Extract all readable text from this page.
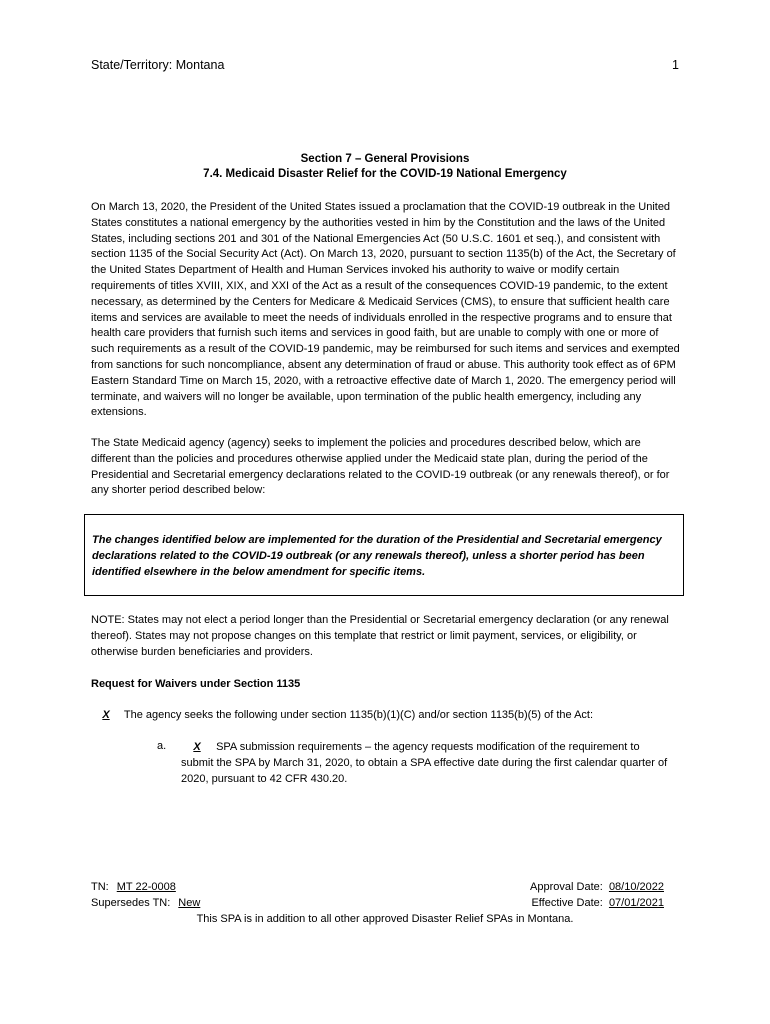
State/Territory: Montana	1
Section 7 – General Provisions
7.4. Medicaid Disaster Relief for the COVID-19 National Emergency
On March 13, 2020, the President of the United States issued a proclamation that the COVID-19 outbreak in the United States constitutes a national emergency by the authorities vested in him by the Constitution and the laws of the United States, including sections 201 and 301 of the National Emergencies Act (50 U.S.C. 1601 et seq.), and consistent with section 1135 of the Social Security Act (Act). On March 13, 2020, pursuant to section 1135(b) of the Act, the Secretary of the United States Department of Health and Human Services invoked his authority to waive or modify certain requirements of titles XVIII, XIX, and XXI of the Act as a result of the consequences COVID-19 pandemic, to the extent necessary, as determined by the Centers for Medicare & Medicaid Services (CMS), to ensure that sufficient health care items and services are available to meet the needs of individuals enrolled in the respective programs and to ensure that health care providers that furnish such items and services in good faith, but are unable to comply with one or more of such requirements as a result of the COVID-19 pandemic, may be reimbursed for such items and services and exempted from sanctions for such noncompliance, absent any determination of fraud or abuse. This authority took effect as of 6PM Eastern Standard Time on March 15, 2020, with a retroactive effective date of March 1, 2020. The emergency period will terminate, and waivers will no longer be available, upon termination of the public health emergency, including any extensions.
The State Medicaid agency (agency) seeks to implement the policies and procedures described below, which are different than the policies and procedures otherwise applied under the Medicaid state plan, during the period of the Presidential and Secretarial emergency declarations related to the COVID-19 outbreak (or any renewals thereof), or for any shorter period described below:
The changes identified below are implemented for the duration of the Presidential and Secretarial emergency declarations related to the COVID-19 outbreak (or any renewals thereof), unless a shorter period has been identified elsewhere in the below amendment for specific items.
NOTE: States may not elect a period longer than the Presidential or Secretarial emergency declaration (or any renewal thereof). States may not propose changes on this template that restrict or limit payment, services, or eligibility, or otherwise burden beneficiaries and providers.
Request for Waivers under Section 1135
X The agency seeks the following under section 1135(b)(1)(C) and/or section 1135(b)(5) of the Act:
a.	X SPA submission requirements – the agency requests modification of the requirement to submit the SPA by March 31, 2020, to obtain a SPA effective date during the first calendar quarter of 2020, pursuant to 42 CFR 430.20.
TN: MT 22-0008
Supersedes TN: New
Approval Date: 08/10/2022
Effective Date: 07/01/2021
This SPA is in addition to all other approved Disaster Relief SPAs in Montana.
